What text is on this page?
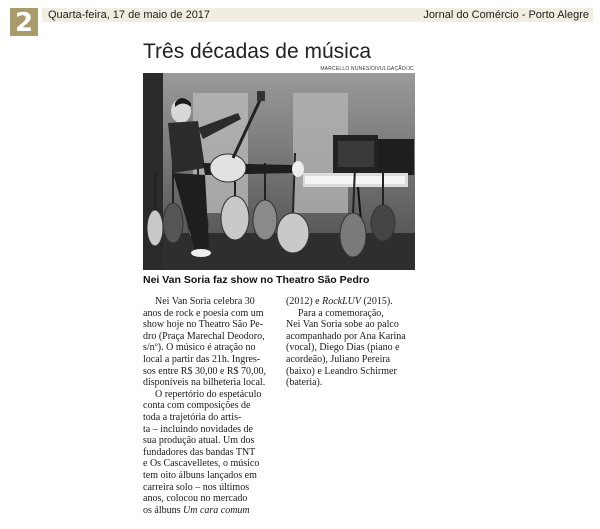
2	Quarta-feira, 17 de maio de 2017	Jornal do Comércio - Porto Alegre
Três décadas de música
MARCELLO NUNES/DIVULGAÇÃO/JC

Nei Van Soria faz show no Theatro São Pedro

Nei Van Soria celebra 30
anos de rock e poesia com um
show hoje no Theatro São Pe-
dro (Praça Marechal Deodoro,
s/nº). O músico é atração no
local a partir das 21h. Ingres-
sos entre R$ 30,00 e R$ 70,00,
disponíveis na bilheteria local.

O repertório do espetáculo
conta com composições de
toda a trajetória do artis-
ta – incluindo novidades de
sua produção atual. Um dos
fundadores das bandas TNT
e Os Cascavelletes, o músico
tem oito álbuns lançados em
carreira solo – nos últimos
anos, colocou no mercado
os álbuns Um cara comum

(2012) e RockLUV (2015).

Para a comemoração,
Nei Van Soria sobe ao palco
acompanhado por Ana Karina
(vocal), Diego Dias (piano e
acordeão), Juliano Pereira
(baixo) e Leandro Schirmer
(bateria).
